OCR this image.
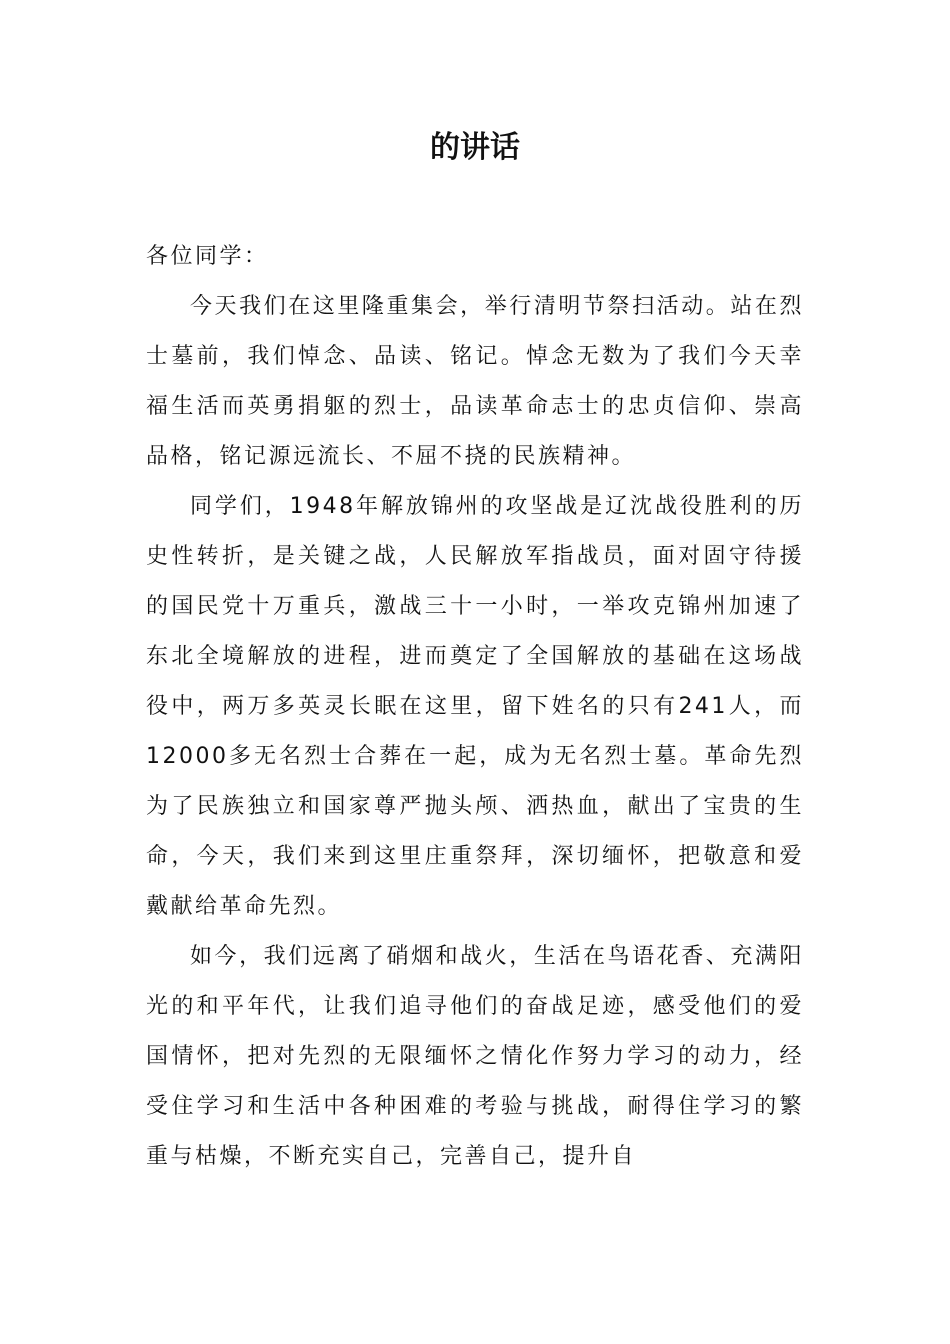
的讲话

各位同学：

今天我们在这里隆重集会，举行清明节祭扫活动。站在烈士墓前，我们悼念、品读、铭记。悼念无数为了我们今天幸福生活而英勇捐躯的烈士，品读革命志士的忠贞信仰、崇高品格，铭记源远流长、不屈不挠的民族精神。

同学们，1948年解放锦州的攻坚战是辽沈战役胜利的历史性转折，是关键之战，人民解放军指战员，面对固守待援的国民党十万重兵，激战三十一小时，一举攻克锦州加速了东北全境解放的进程，进而奠定了全国解放的基础在这场战役中，两万多英灵长眠在这里，留下姓名的只有241人，而12000多无名烈士合葬在一起，成为无名烈士墓。革命先烈为了民族独立和国家尊严抛头颅、洒热血，献出了宝贵的生命，今天，我们来到这里庄重祭拜，深切缅怀，把敬意和爱戴献给革命先烈。

如今，我们远离了硝烟和战火，生活在鸟语花香、充满阳光的和平年代，让我们追寻他们的奋战足迹，感受他们的爱国情怀，把对先烈的无限缅怀之情化作努力学习的动力，经受住学习和生活中各种困难的考验与挑战，耐得住学习的繁重与枯燥，不断充实自己，完善自己，提升自
